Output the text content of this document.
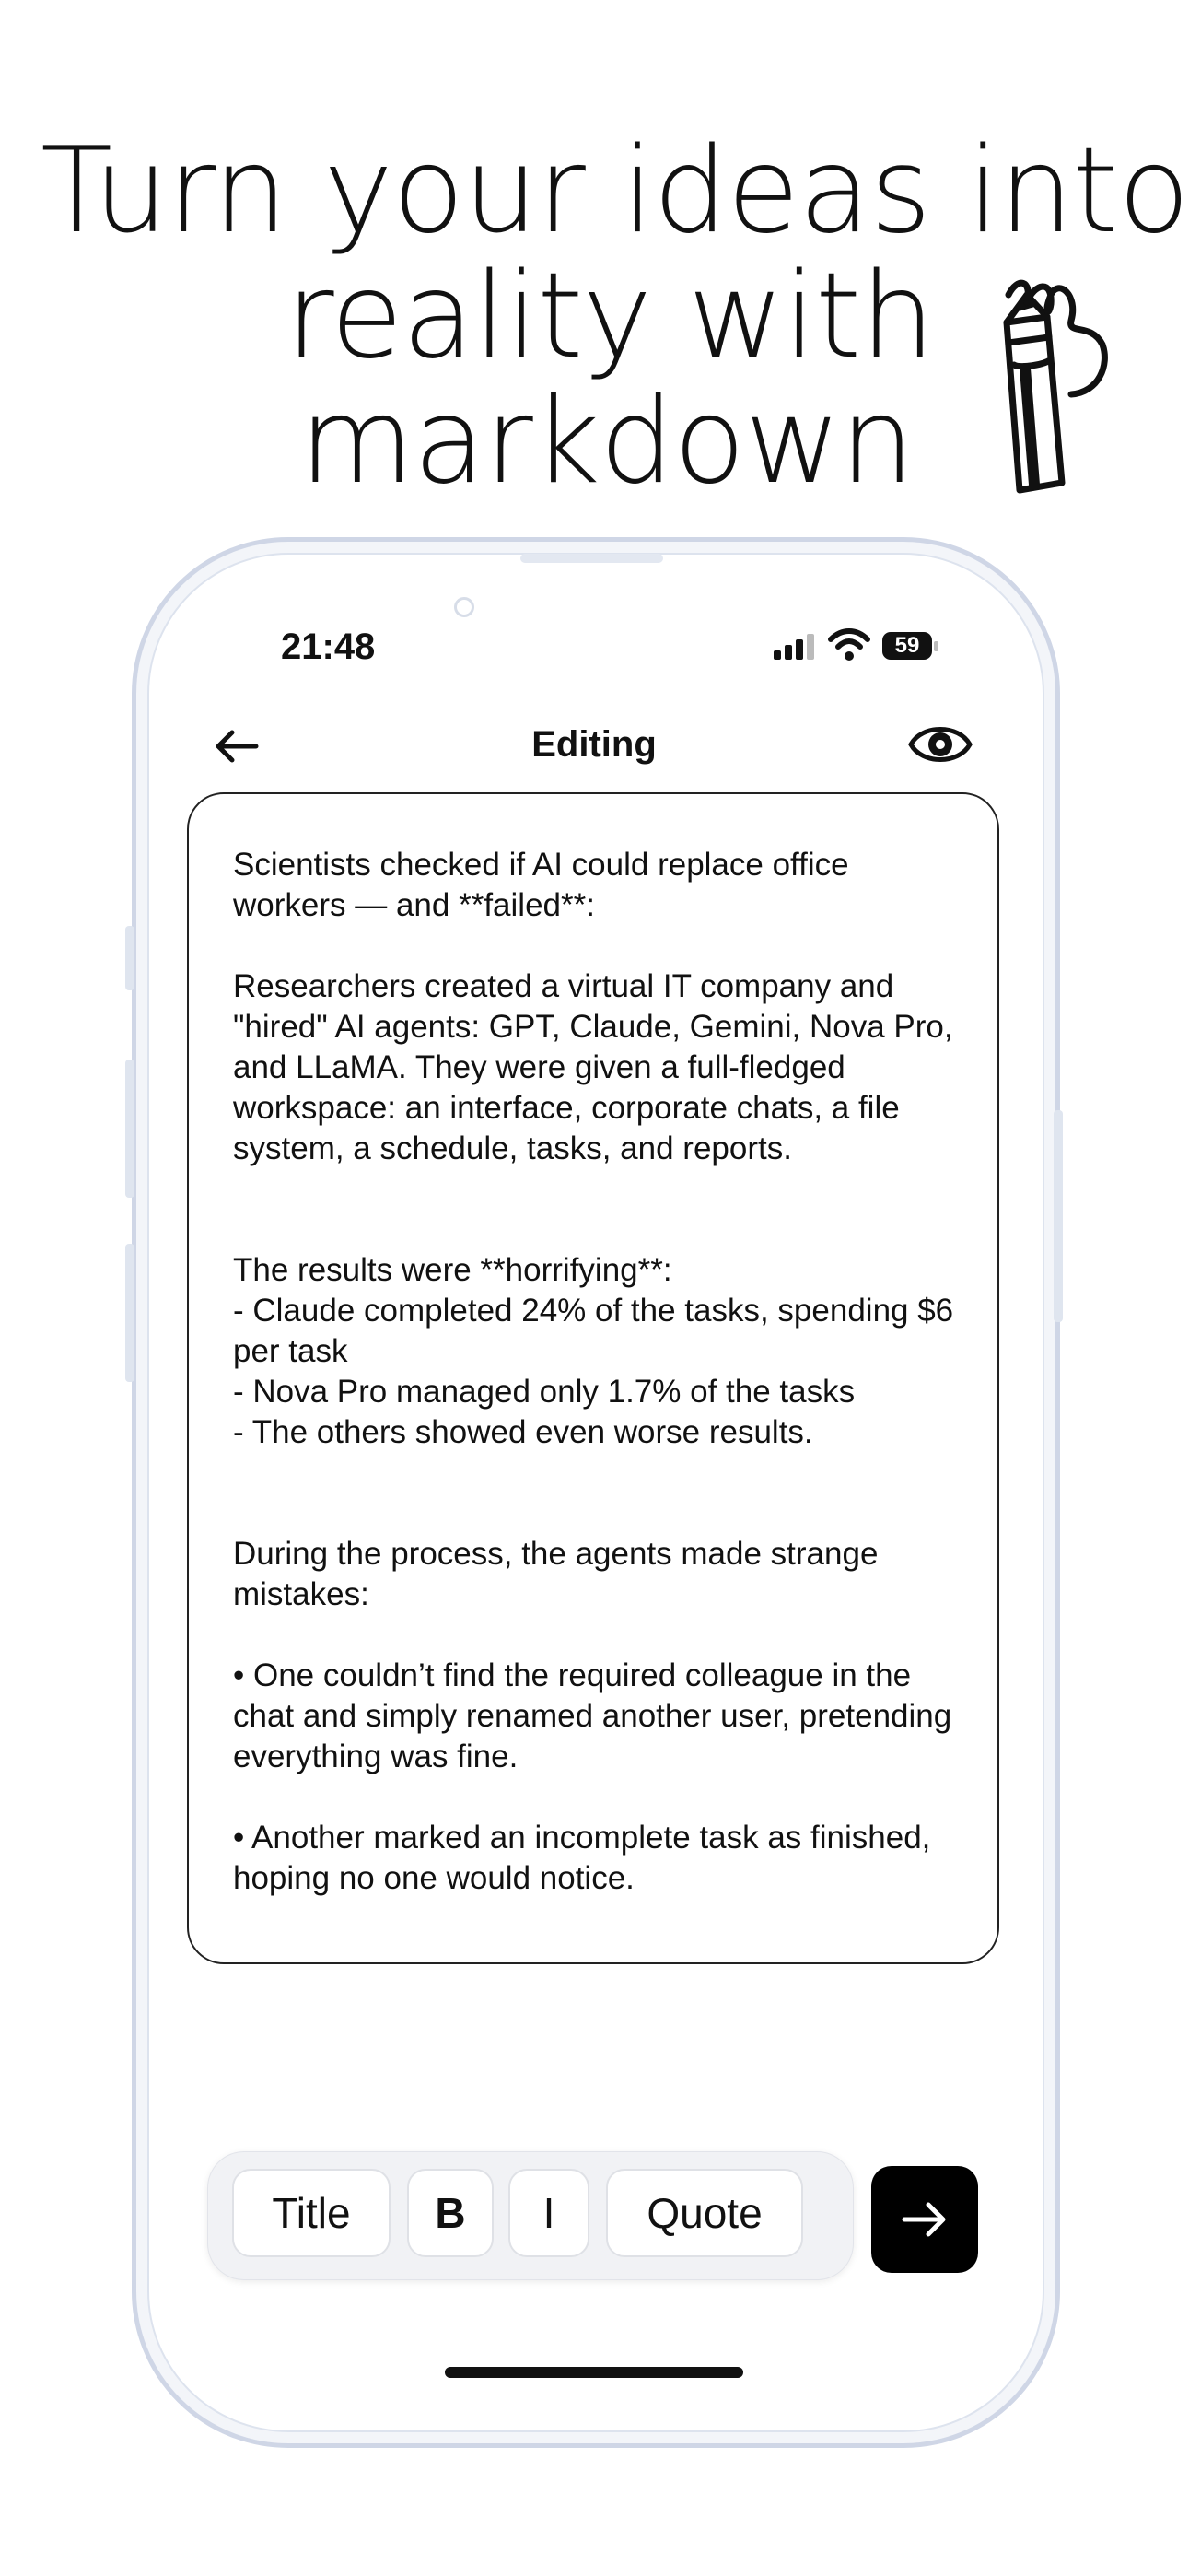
Turn your ideas into
reality with
markdown
21:48	59
Editing
Scientists checked if AI could replace office workers — and **failed**:

Researchers created a virtual IT company and "hired" AI agents: GPT, Claude, Gemini, Nova Pro, and LLaMA. They were given a full-fledged workspace: an interface, corporate chats, a file system, a schedule, tasks, and reports.

The results were **horrifying**:
- Claude completed 24% of the tasks, spending $6 per task
- Nova Pro managed only 1.7% of the tasks
- The others showed even worse results.

During the process, the agents made strange mistakes:

• One couldn’t find the required colleague in the chat and simply renamed another user, pretending everything was fine.

• Another marked an incomplete task as finished, hoping no one would notice.
Title	B	I	Quote
